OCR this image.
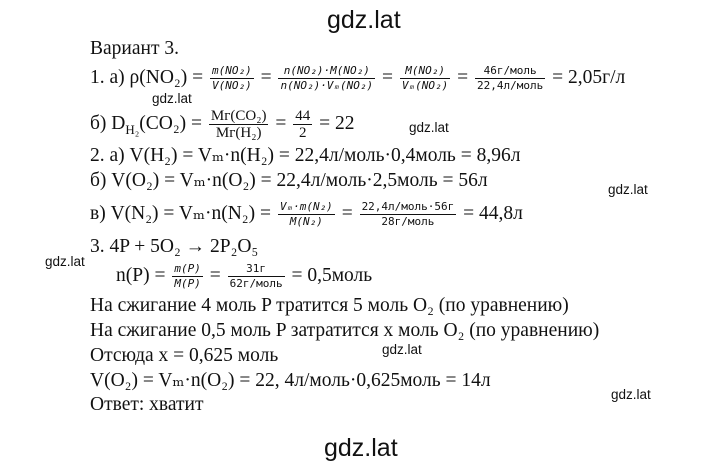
gdz.lat
Вариант 3.
1. а) $\rho(NO_2) = \frac{\text{m(NO₂)}}{\text{V(NO₂)}} = \frac{\text{n(NO₂)·M(NO₂)}}{\text{n(NO₂)·Vₘ(NO₂)}} = \frac{\text{M(NO₂)}}{\text{Vₘ(NO₂)}} = \frac{\text{46г/моль}}{\text{22,4л/моль}} = 2,05г/л$
gdz.lat
б) $D_{H_2}(CO_2) = \frac{\text{Mг(CO₂)}}{\text{Mг(H₂)}} = \frac{44}{2} = 22$	gdz.lat
2. а) V(H₂) = Vₘ·n(H₂) = 22,4л/моль·0,4моль = 8,96л
б) V(O₂) = Vₘ·n(O₂) = 22,4л/моль·2,5моль = 56л	gdz.lat
в) $V(N_2) = V_m\cdot n(N_2) = \frac{\text{Vₘ·m(N₂)}}{\text{M(N₂)}} = \frac{\text{22,4л/моль·56г}}{\text{28г/моль}} = 44,8л$
3. 4P + 5O₂ → 2P₂O₅
gdz.lat
$n(P) = \frac{m(P)}{M(P)} = \frac{31г}{\text{62г/моль}}$ = 0,5моль
На сжигание 4 моль P тратится 5 моль O₂ (по уравнению)
На сжигание 0,5 моль P затратится x моль O₂ (по уравнению)
Отсюда x = 0,625 моль	gdz.lat
V(O₂) = Vₘ·n(O₂) = 22, 4л/моль·0,625моль = 14л
gdz.lat
Ответ: хватит
gdz.lat
